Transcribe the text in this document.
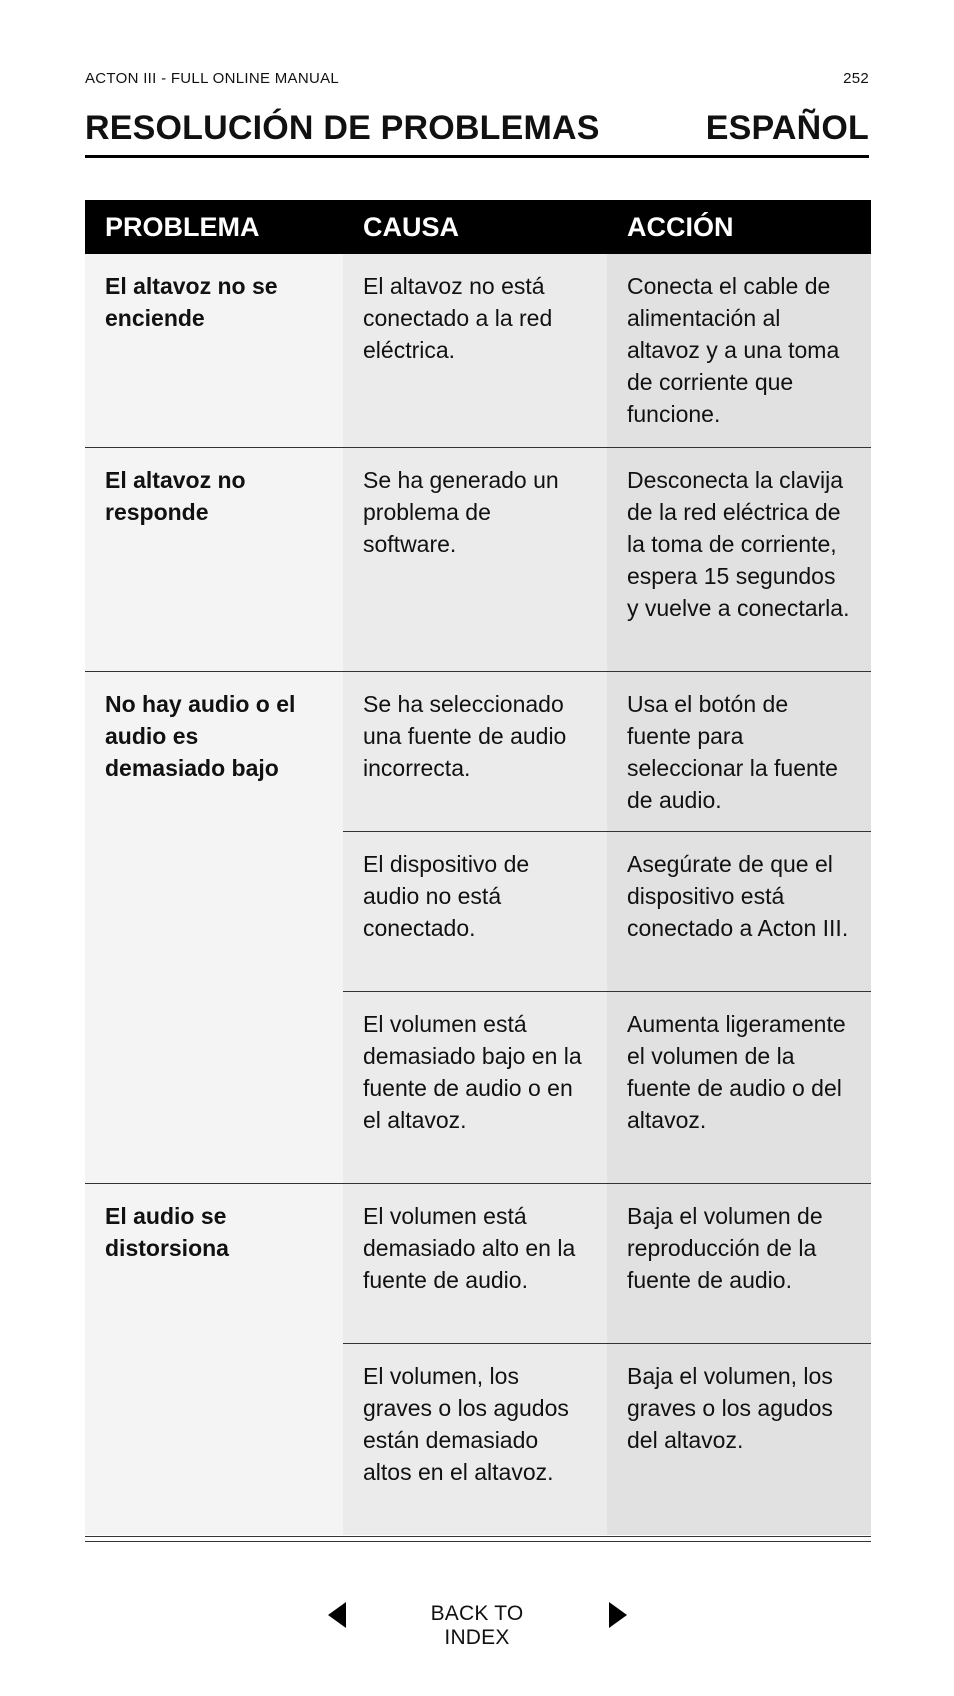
ACTON III - FULL ONLINE MANUAL	252
RESOLUCIÓN DE PROBLEMAS	ESPAÑOL
PROBLEMA	CAUSA	ACCIÓN
El altavoz no se enciende	El altavoz no está conectado a la red eléctrica.	Conecta el cable de alimentación al altavoz y a una toma de corriente que funcione.
El altavoz no responde	Se ha generado un problema de software.	Desconecta la clavija de la red eléctrica de la toma de corriente, espera 15 segundos y vuelve a conectarla.
No hay audio o el audio es demasiado bajo	Se ha seleccionado una fuente de audio incorrecta.	Usa el botón de fuente para seleccionar la fuente de audio.
	El dispositivo de audio no está conectado.	Asegúrate de que el dispositivo está conectado a Acton III.
	El volumen está demasiado bajo en la fuente de audio o en el altavoz.	Aumenta ligeramente el volumen de la fuente de audio o del altavoz.
El audio se distorsiona	El volumen está demasiado alto en la fuente de audio.	Baja el volumen de reproducción de la fuente de audio.
	El volumen, los graves o los agudos están demasiado altos en el altavoz.	Baja el volumen, los graves o los agudos del altavoz.
BACK TO INDEX
